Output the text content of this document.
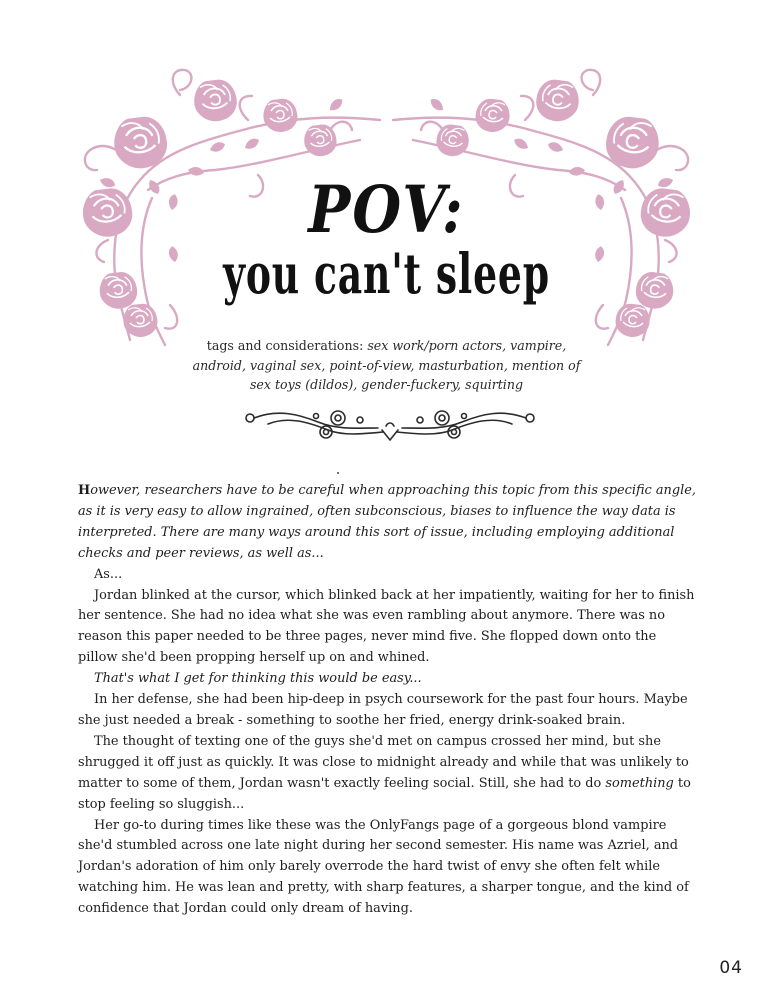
POV:
you can't sleep
tags and considerations: sex work/porn actors, vampire, android, vaginal sex, point-of-view, masturbation, mention of sex toys (dildos), gender-fuckery, squirting

However, researchers have to be careful when approaching this topic from this specific angle, as it is very easy to allow ingrained, often subconscious, biases to influence the way data is interpreted. There are many ways around this sort of issue, including employing additional checks and peer reviews, as well as...

As...

Jordan blinked at the cursor, which blinked back at her impatiently, waiting for her to finish her sentence. She had no idea what she was even rambling about anymore. There was no reason this paper needed to be three pages, never mind five. She flopped down onto the pillow she'd been propping herself up on and whined.

That's what I get for thinking this would be easy...

In her defense, she had been hip-deep in psych coursework for the past four hours. Maybe she just needed a break - something to soothe her fried, energy drink-soaked brain.

The thought of texting one of the guys she'd met on campus crossed her mind, but she shrugged it off just as quickly. It was close to midnight already and while that was unlikely to matter to some of them, Jordan wasn't exactly feeling social. Still, she had to do something to stop feeling so sluggish...

Her go-to during times like these was the OnlyFangs page of a gorgeous blond vampire she'd stumbled across one late night during her second semester. His name was Azriel, and Jordan's adoration of him only barely overrode the hard twist of envy she often felt while watching him. He was lean and pretty, with sharp features, a sharper tongue, and the kind of confidence that Jordan could only dream of having.

04
